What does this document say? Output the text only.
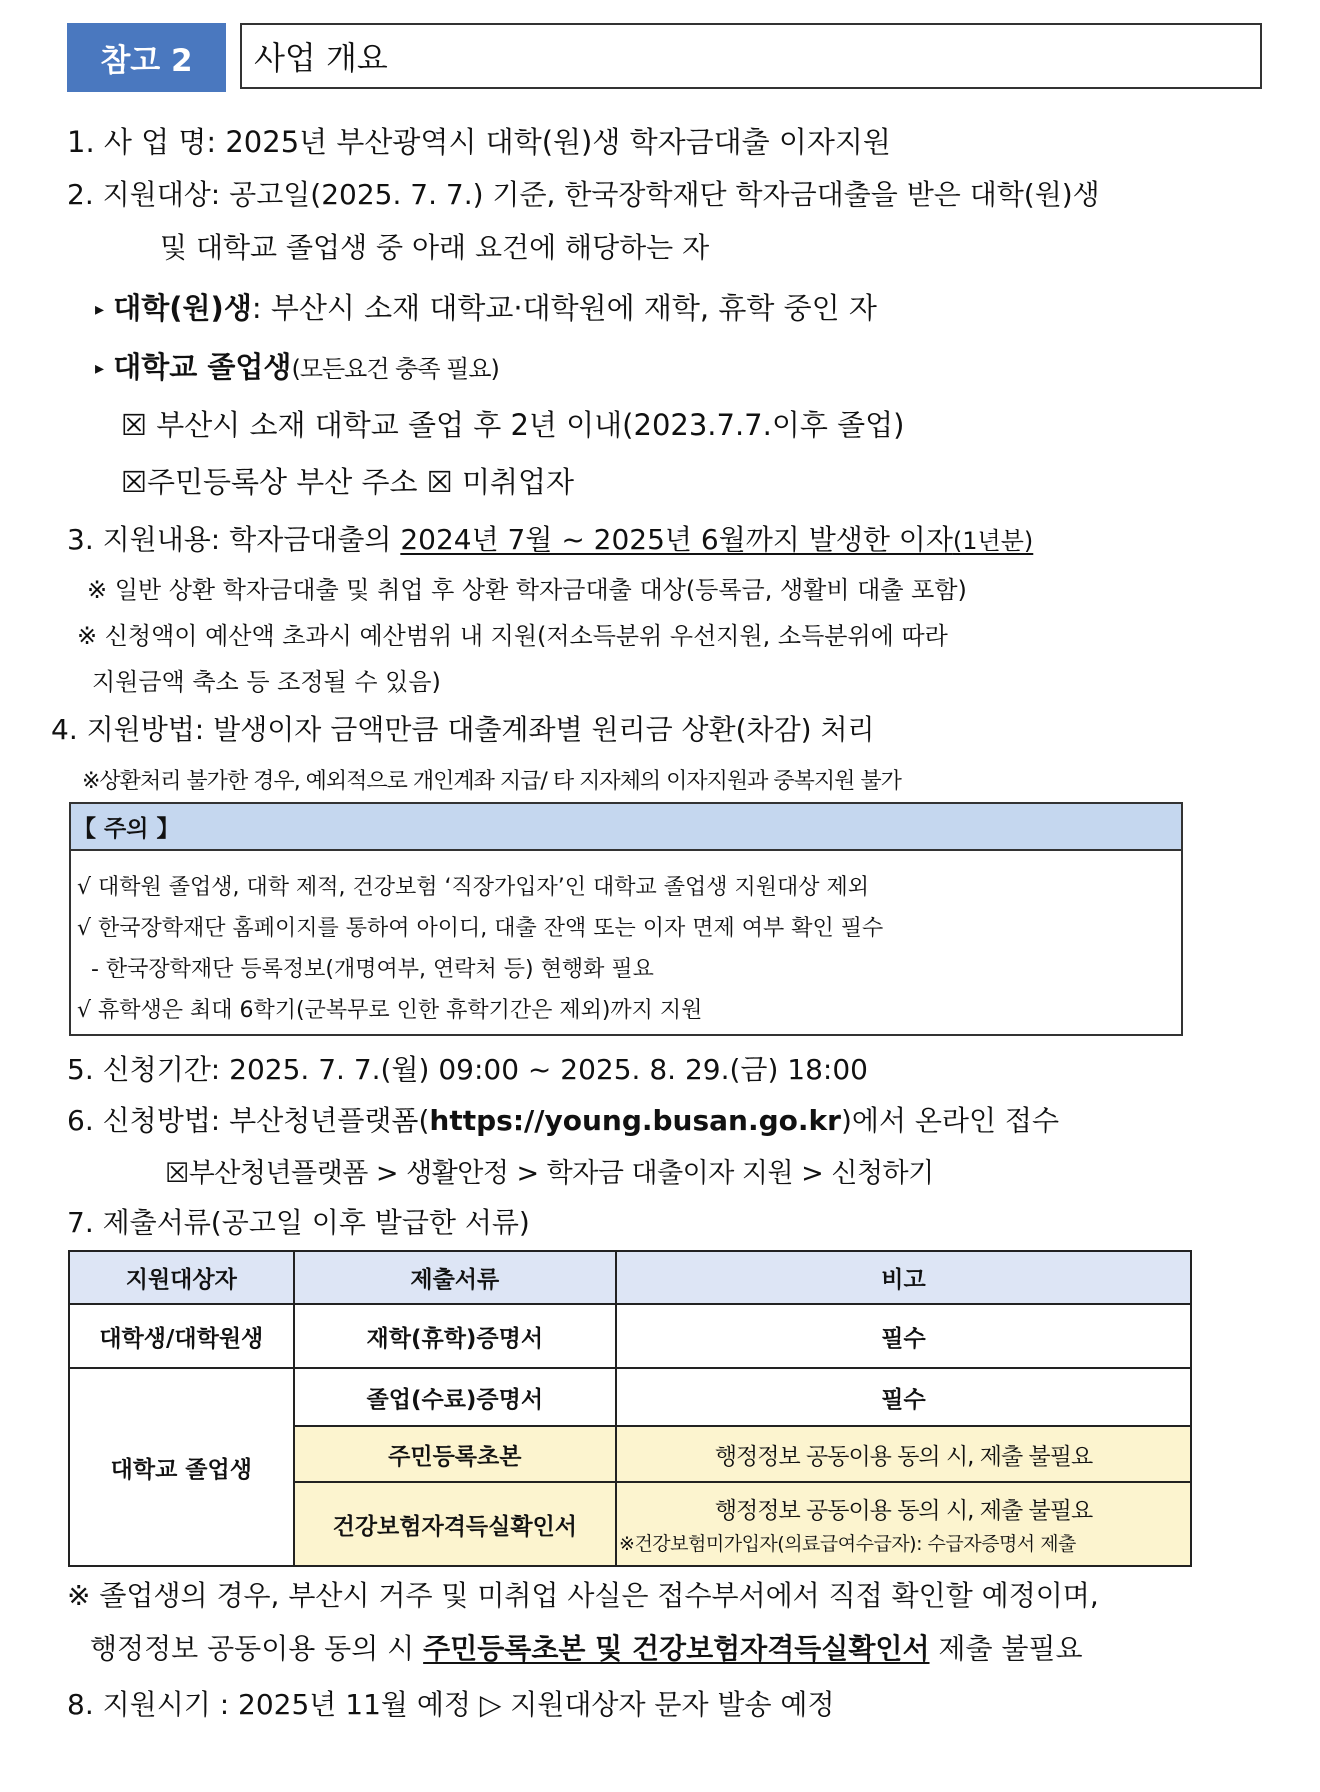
참고 2	사업 개요
1. 사 업 명: 2025년 부산광역시 대학(원)생 학자금대출 이자지원
2. 지원대상: 공고일(2025. 7. 7.) 기준, 한국장학재단 학자금대출을 받은 대학(원)생
및 대학교 졸업생 중 아래 요건에 해당하는 자
▸ 대학(원)생: 부산시 소재 대학교·대학원에 재학, 휴학 중인 자
▸ 대학교 졸업생(모든요건 충족 필요)
☒ 부산시 소재 대학교 졸업 후 2년 이내(2023.7.7.이후 졸업)
☒주민등록상 부산 주소 ☒ 미취업자
3. 지원내용: 학자금대출의 2024년 7월 ~ 2025년 6월까지 발생한 이자(1년분)
※ 일반 상환 학자금대출 및 취업 후 상환 학자금대출 대상(등록금, 생활비 대출 포함)
※ 신청액이 예산액 초과시 예산범위 내 지원(저소득분위 우선지원, 소득분위에 따라
지원금액 축소 등 조정될 수 있음)
4. 지원방법: 발생이자 금액만큼 대출계좌별 원리금 상환(차감) 처리
※상환처리 불가한 경우, 예외적으로 개인계좌 지급/ 타 지자체의 이자지원과 중복지원 불가
【 주의 】
√ 대학원 졸업생, 대학 제적, 건강보험 ‘직장가입자’인 대학교 졸업생 지원대상 제외
√ 한국장학재단 홈페이지를 통하여 아이디, 대출 잔액 또는 이자 면제 여부 확인 필수
- 한국장학재단 등록정보(개명여부, 연락처 등) 현행화 필요
√ 휴학생은 최대 6학기(군복무로 인한 휴학기간은 제외)까지 지원
5. 신청기간: 2025. 7. 7.(월) 09:00 ~ 2025. 8. 29.(금) 18:00
6. 신청방법: 부산청년플랫폼(https://young.busan.go.kr)에서 온라인 접수
☒부산청년플랫폼 > 생활안정 > 학자금 대출이자 지원 > 신청하기
7. 제출서류(공고일 이후 발급한 서류)
지원대상자	제출서류	비고
대학생/대학원생	재학(휴학)증명서	필수
대학교 졸업생	졸업(수료)증명서	필수
	주민등록초본	행정정보 공동이용 동의 시, 제출 불필요
	건강보험자격득실확인서	행정정보 공동이용 동의 시, 제출 불필요
※건강보험미가입자(의료급여수급자): 수급자증명서 제출
※ 졸업생의 경우, 부산시 거주 및 미취업 사실은 접수부서에서 직접 확인할 예정이며,
행정정보 공동이용 동의 시 주민등록초본 및 건강보험자격득실확인서 제출 불필요
8. 지원시기 : 2025년 11월 예정 ▷ 지원대상자 문자 발송 예정
